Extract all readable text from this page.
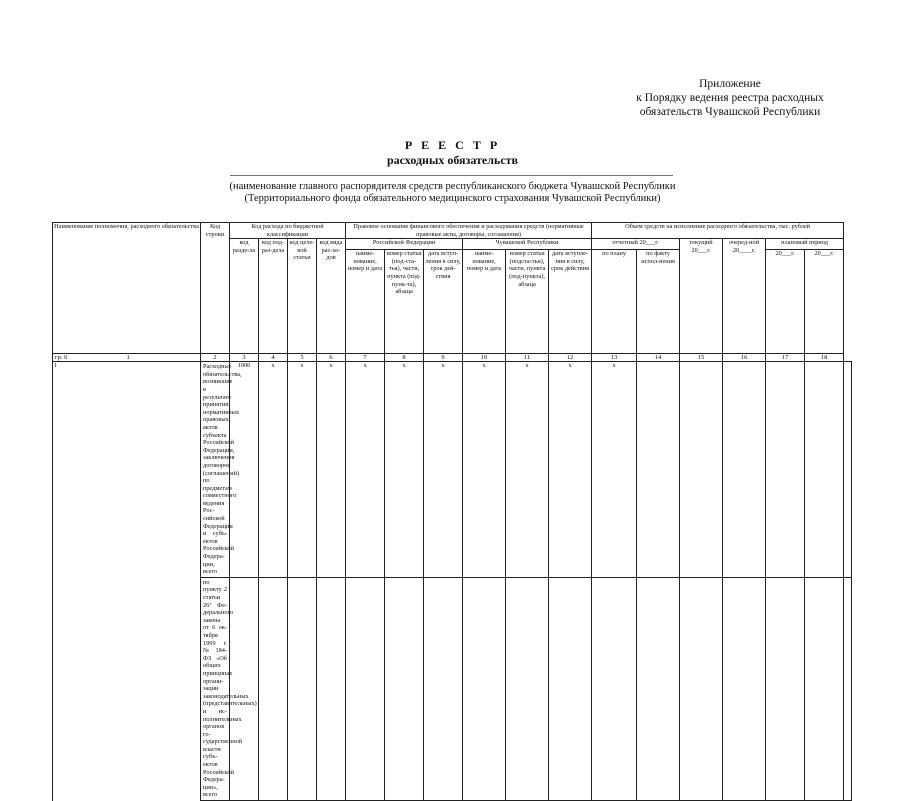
Приложение
к Порядку ведения реестра расходных
обязательств Чувашской Республики
Р Е Е С Т Р
расходных обязательств
(наименование главного распорядителя средств республиканского бюджета Чувашской Республики
(Территориального фонда обязательного медицинского страхования Чувашской Республики)
Наименование полномочия, расходного обязательства	Код строки	Код расхода по бюджетной классификации				Правовое основание финансового обеспечения и расходования средств (нормативные правовые акты, договоры, соглашения)						Объем средств на исполнение расходного обязательства, тыс. рублей						
		код разде-ла	код под-раз-дела	код целе-вой статьи	код вида рас-хо-дов	Российской Федерации			Чувашской Республики			отчетный 20___г.		текущий 20___г.	очеред-ной 20____г.	плановый период		
						наиме-нование, номер и дата	номер статьи (под-ста-тья), части, пункта (под-пунк-та), абзаца	дата вступ-ления в силу, срок дей-ствия	наиме-нование, номер и дата	номер статьи (подста-тьи), части, пункта (под-пункта), абзаца	дата вступле-ния в силу, срок действия	по плану	по факту испол-нения			20___г.	20___г.	
гр. 0 1	2	3	4	5	6	7	8	9	10	11	12	13	14	15	16	17	18	
1	Расходные обязательства, возникшие в результате принятия нормативных правовых актов субъекта Российской Федерации, заключения договоров (соглашений) по предметам совместного ведения Рос-сийской Федерации и субъ-ектов Российской Федера-ции, всего	1000	x	x	x	x	x	x	x	x	x	x						
	по пункту 2 статьи 26⁷ Фе-дерального закона от 6 ок-тября 1999 г. № 184-ФЗ «Об общих принципах органи-зации законодательных (представительных) и ис-полнительных органов го-сударственной власти субъ-ектов Российской Федера-ции», всего																	
